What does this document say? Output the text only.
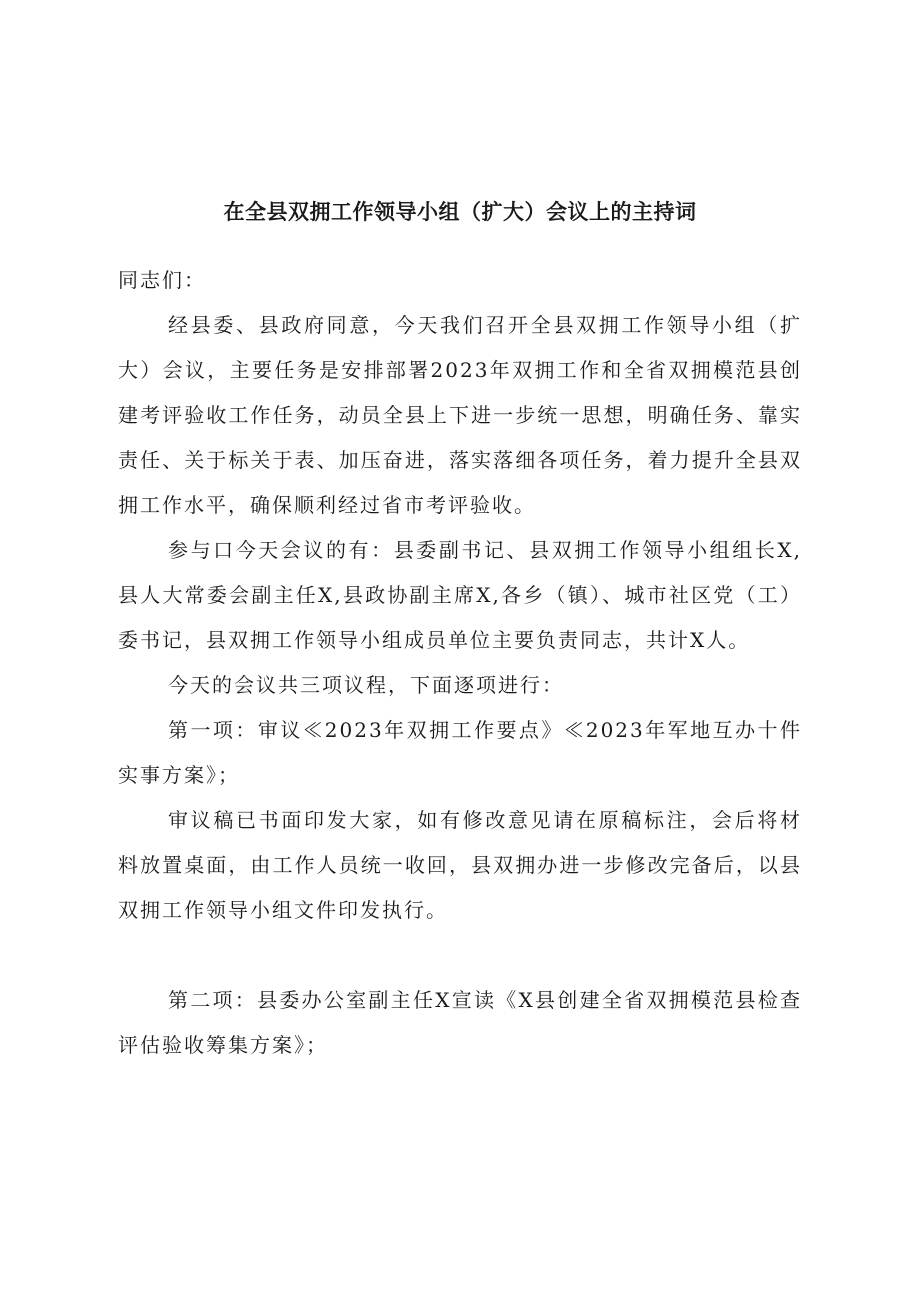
在全县双拥工作领导小组（扩大）会议上的主持词

同志们：

经县委、县政府同意，今天我们召开全县双拥工作领导小组（扩大）会议，主要任务是安排部署2023年双拥工作和全省双拥模范县创建考评验收工作任务，动员全县上下进一步统一思想，明确任务、靠实责任、关于标关于表、加压奋进，落实落细各项任务，着力提升全县双拥工作水平，确保顺利经过省市考评验收。

参与口今天会议的有：县委副书记、县双拥工作领导小组组长X,县人大常委会副主任X,县政协副主席X,各乡（镇）、城市社区党（工）委书记，县双拥工作领导小组成员单位主要负责同志，共计X人。

今天的会议共三项议程，下面逐项进行：

第一项：审议≪2023年双拥工作要点》≪2023年军地互办十件实事方案》；

审议稿已书面印发大家，如有修改意见请在原稿标注，会后将材料放置桌面，由工作人员统一收回，县双拥办进一步修改完备后，以县双拥工作领导小组文件印发执行。

第二项：县委办公室副主任X宣读《X县创建全省双拥模范县检查评估验收筹集方案》；
